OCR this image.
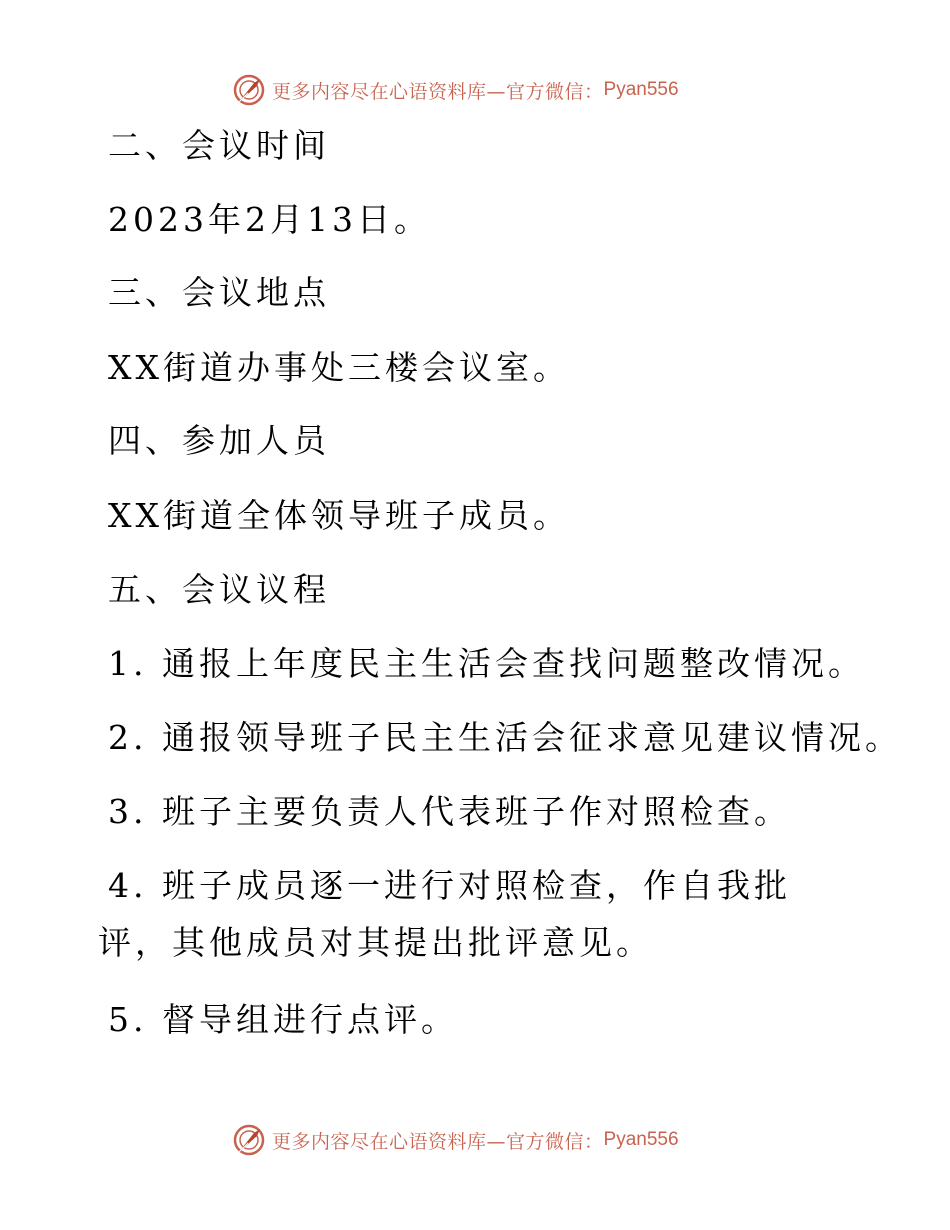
更多内容尽在心语资料库—官方微信： Pyan556
二、会议时间
2023年2月13日。
三、会议地点
XX街道办事处三楼会议室。
四、参加人员
XX街道全体领导班子成员。
五、会议议程
1. 通报上年度民主生活会查找问题整改情况。
2. 通报领导班子民主生活会征求意见建议情况。
3. 班子主要负责人代表班子作对照检查。
4. 班子成员逐一进行对照检查，作自我批评，其他成员对其提出批评意见。
5. 督导组进行点评。
更多内容尽在心语资料库—官方微信： Pyan556
